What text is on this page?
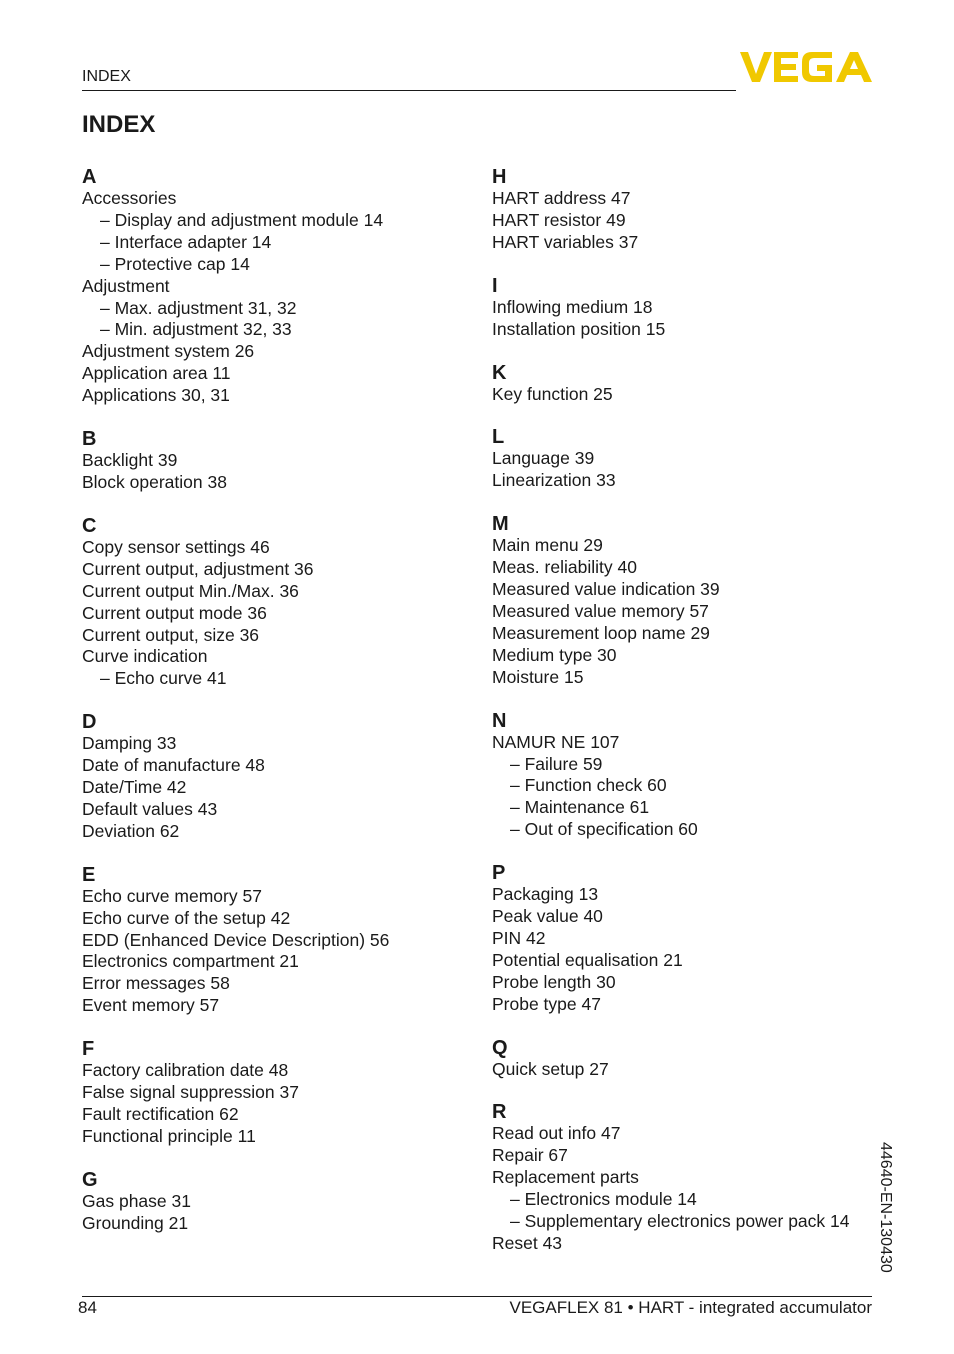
INDEX
INDEX
A
Accessories
– Display and adjustment module 14
– Interface adapter 14
– Protective cap 14
Adjustment
– Max. adjustment 31, 32
– Min. adjustment 32, 33
Adjustment system 26
Application area 11
Applications 30, 31
B
Backlight 39
Block operation 38
C
Copy sensor settings 46
Current output, adjustment 36
Current output Min./Max. 36
Current output mode 36
Current output, size 36
Curve indication
– Echo curve 41
D
Damping 33
Date of manufacture 48
Date/Time 42
Default values 43
Deviation 62
E
Echo curve memory 57
Echo curve of the setup 42
EDD (Enhanced Device Description) 56
Electronics compartment 21
Error messages 58
Event memory 57
F
Factory calibration date 48
False signal suppression 37
Fault rectification 62
Functional principle 11
G
Gas phase 31
Grounding 21
H
HART address 47
HART resistor 49
HART variables 37
I
Inflowing medium 18
Installation position 15
K
Key function 25
L
Language 39
Linearization 33
M
Main menu 29
Meas. reliability 40
Measured value indication 39
Measured value memory 57
Measurement loop name 29
Medium type 30
Moisture 15
N
NAMUR NE 107
– Failure 59
– Function check 60
– Maintenance 61
– Out of specification 60
P
Packaging 13
Peak value 40
PIN 42
Potential equalisation 21
Probe length 30
Probe type 47
Q
Quick setup 27
R
Read out info 47
Repair 67
Replacement parts
– Electronics module 14
– Supplementary electronics power pack 14
Reset 43	44640-EN-130430
84	VEGAFLEX 81 • HART - integrated accumulator
